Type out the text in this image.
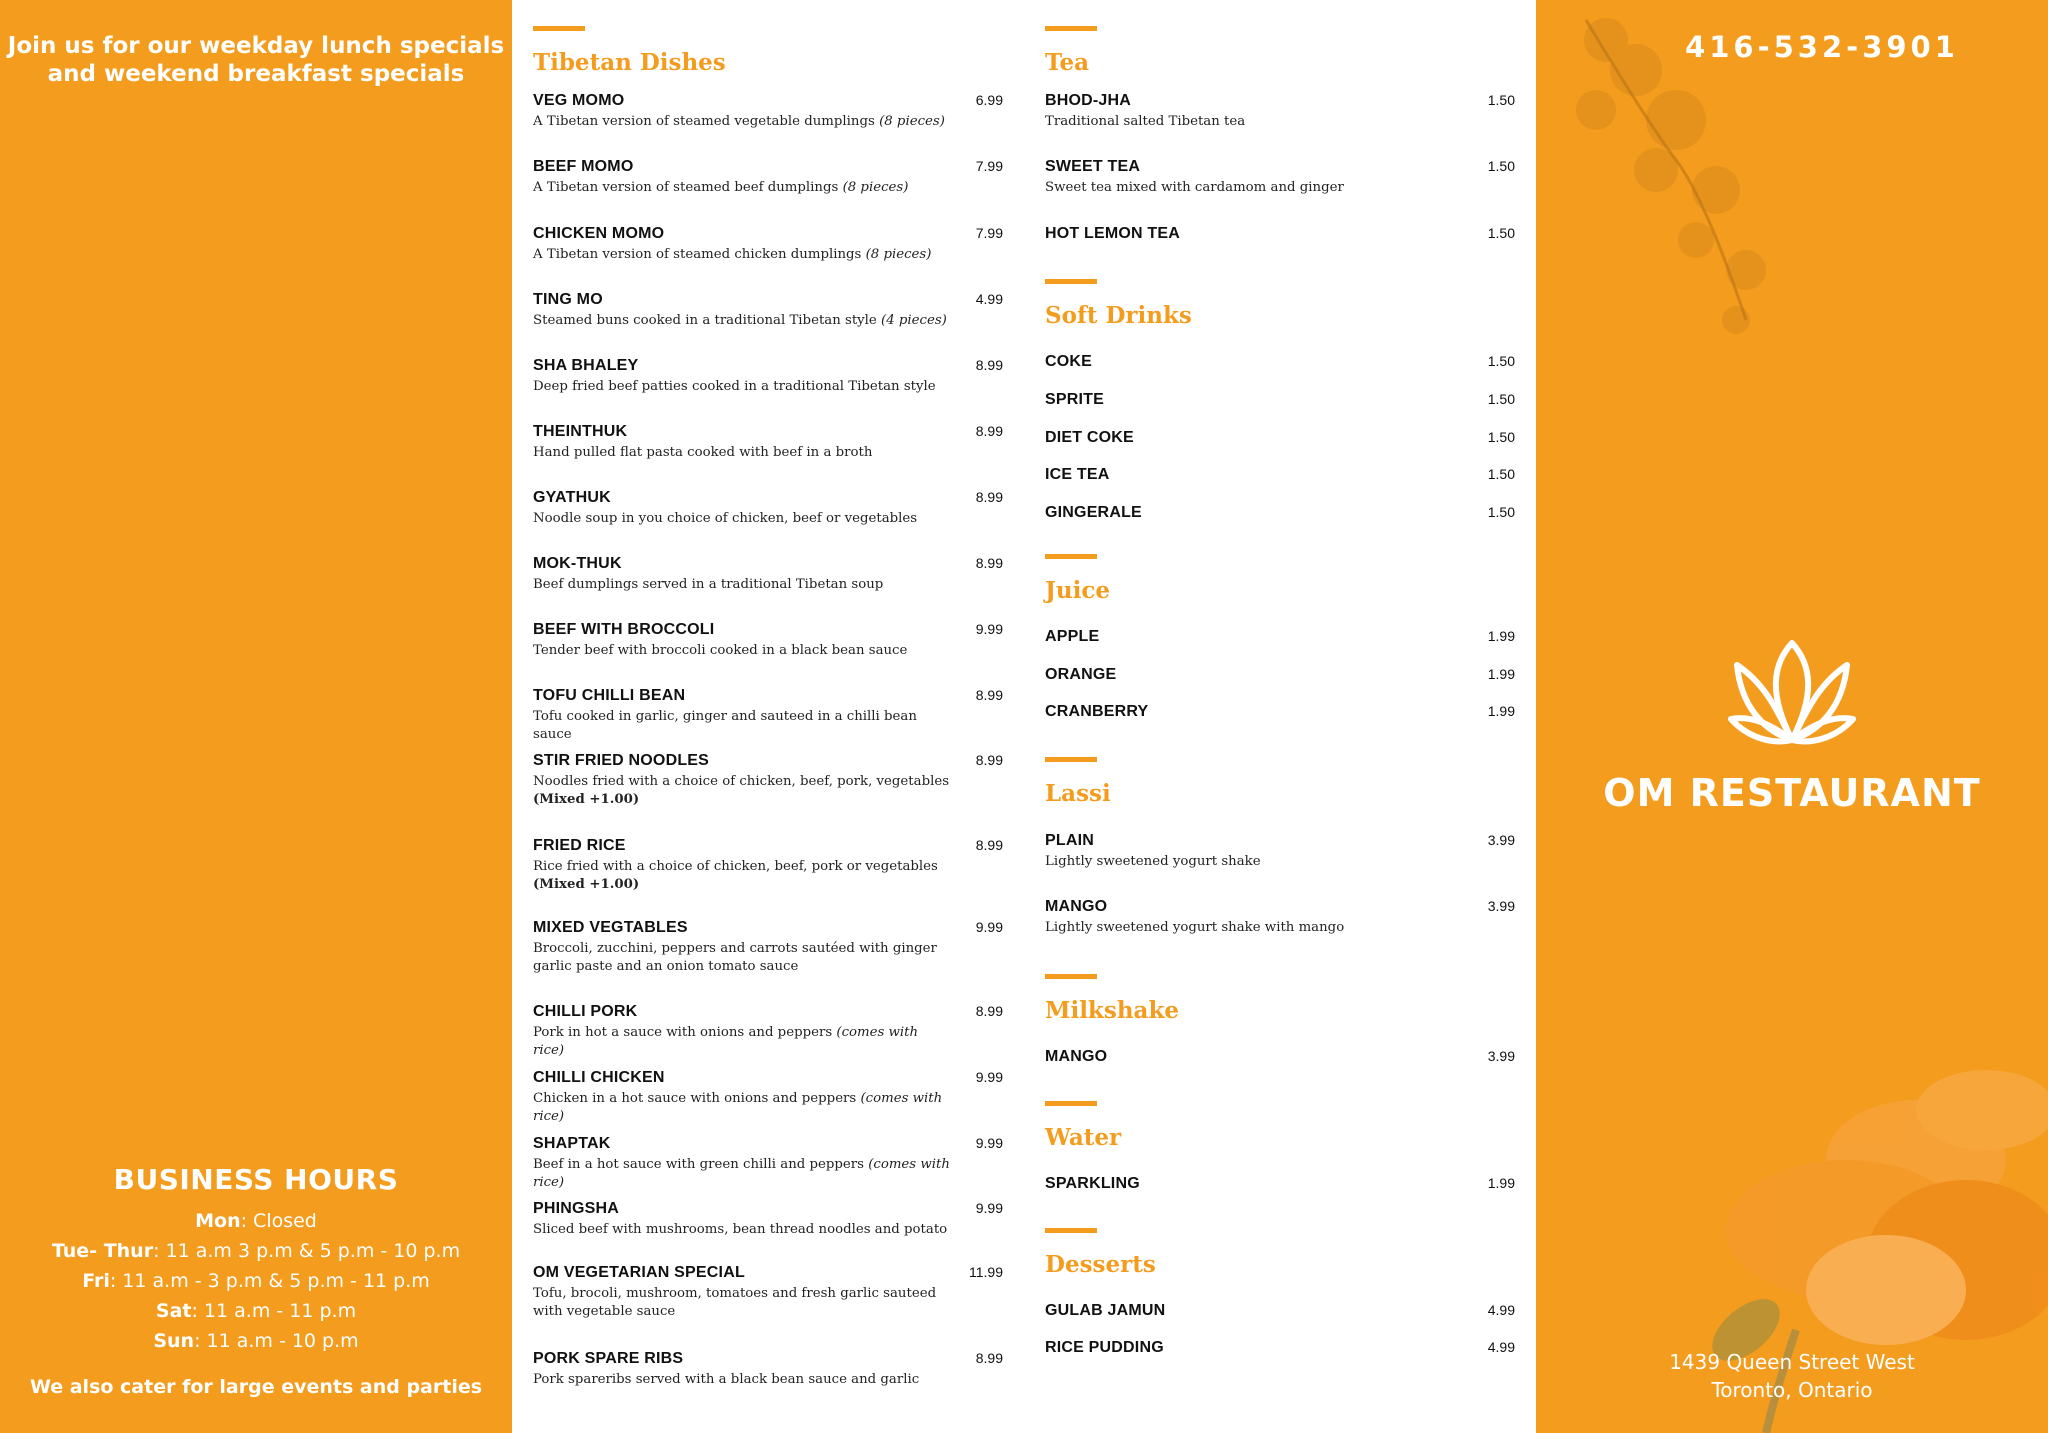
Join us for our weekday lunch specials
and weekend breakfast specials
BUSINESS HOURS
Mon: Closed
Tue- Thur: 11 a.m 3 p.m & 5 p.m - 10 p.m
Fri: 11 a.m - 3 p.m & 5 p.m - 11 p.m
Sat: 11 a.m - 11 p.m
Sun: 11 a.m - 10 p.m
We also cater for large events and parties
Tibetan Dishes
VEG MOMO	6.99
A Tibetan version of steamed vegetable dumplings (8 pieces)
BEEF MOMO	7.99
A Tibetan version of steamed beef dumplings (8 pieces)
CHICKEN MOMO	7.99
A Tibetan version of steamed chicken dumplings (8 pieces)
TING MO	4.99
Steamed buns cooked in a traditional Tibetan style (4 pieces)
SHA BHALEY	8.99
Deep fried beef patties cooked in a traditional Tibetan style
THEINTHUK	8.99
Hand pulled flat pasta cooked with beef in a broth
GYATHUK	8.99
Noodle soup in you choice of chicken, beef or vegetables
MOK-THUK	8.99
Beef dumplings served in a traditional Tibetan soup
BEEF WITH BROCCOLI	9.99
Tender beef with broccoli cooked in a black bean sauce
TOFU CHILLI BEAN	8.99
Tofu cooked in garlic, ginger and sauteed in a chilli bean sauce
STIR FRIED NOODLES	8.99
Noodles fried with a choice of chicken, beef, pork, vegetables
(Mixed +1.00)
FRIED RICE	8.99
Rice fried with a choice of chicken, beef, pork or vegetables
(Mixed +1.00)
MIXED VEGTABLES	9.99
Broccoli, zucchini, peppers and carrots sautéed with ginger garlic paste and an onion tomato sauce
CHILLI PORK	8.99
Pork in hot a sauce with onions and peppers (comes with rice)
CHILLI CHICKEN	9.99
Chicken in a hot sauce with onions and peppers (comes with rice)
SHAPTAK	9.99
Beef in a hot sauce with green chilli and peppers (comes with rice)
PHINGSHA	9.99
Sliced beef with mushrooms, bean thread noodles and potato
OM VEGETARIAN SPECIAL	11.99
Tofu, brocoli, mushroom, tomatoes and fresh garlic sauteed with vegetable sauce
PORK SPARE RIBS	8.99
Pork spareribs served with a black bean sauce and garlic
Tea
Soft Drinks
Juice
Lassi
Milkshake
Water
Desserts
BHOD-JHA	1.50
Traditional salted Tibetan tea
SWEET TEA	1.50
Sweet tea mixed with cardamom and ginger
HOT LEMON TEA	1.50
COKE	1.50
SPRITE	1.50
DIET COKE	1.50
ICE TEA	1.50
GINGERALE	1.50
APPLE	1.99
ORANGE	1.99
CRANBERRY	1.99
PLAIN	3.99
Lightly sweetened yogurt shake
MANGO	3.99
Lightly sweetened yogurt shake with mango
MANGO	3.99
SPARKLING	1.99
GULAB JAMUN	4.99
RICE PUDDING	4.99
416-532-3901
OM RESTAURANT
1439 Queen Street West
Toronto, Ontario
